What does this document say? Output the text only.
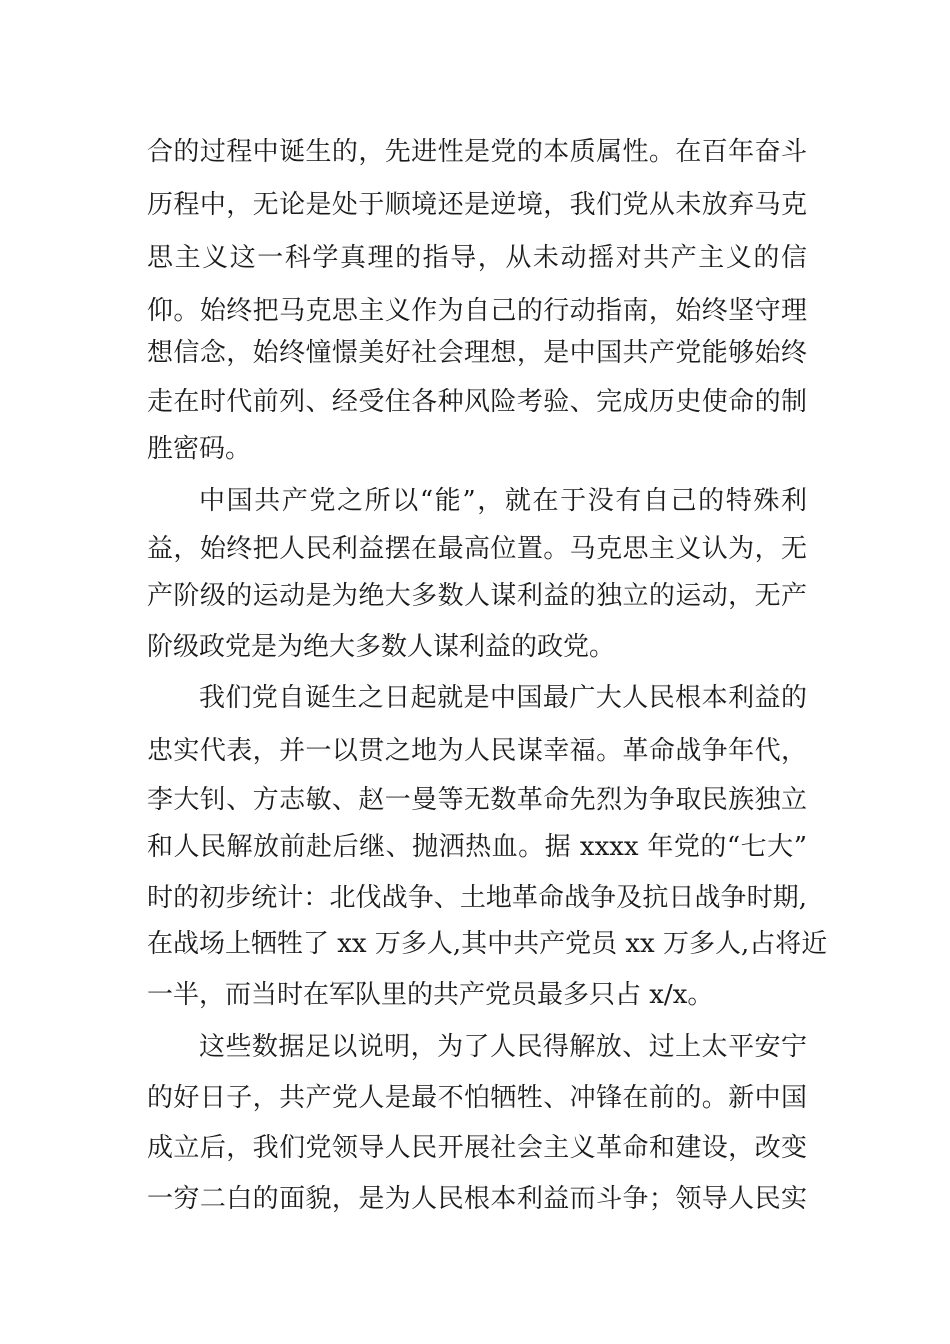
合的过程中诞生的，先进性是党的本质属性。在百年奋斗
历程中，无论是处于顺境还是逆境，我们党从未放弃马克
思主义这一科学真理的指导，从未动摇对共产主义的信
仰。始终把马克思主义作为自己的行动指南，始终坚守理
想信念，始终憧憬美好社会理想，是中国共产党能够始终
走在时代前列、经受住各种风险考验、完成历史使命的制
胜密码。
中国共产党之所以“能”，就在于没有自己的特殊利
益，始终把人民利益摆在最高位置。马克思主义认为，无
产阶级的运动是为绝大多数人谋利益的独立的运动，无产
阶级政党是为绝大多数人谋利益的政党。
我们党自诞生之日起就是中国最广大人民根本利益的
忠实代表，并一以贯之地为人民谋幸福。革命战争年代，
李大钊、方志敏、赵一曼等无数革命先烈为争取民族独立
和人民解放前赴后继、抛洒热血。据 xxxx 年党的“七大”
时的初步统计：北伐战争、土地革命战争及抗日战争时期,
在战场上牺牲了 xx 万多人,其中共产党员 xx 万多人,占将近
一半，而当时在军队里的共产党员最多只占 x/x。
这些数据足以说明，为了人民得解放、过上太平安宁
的好日子，共产党人是最不怕牺牲、冲锋在前的。新中国
成立后，我们党领导人民开展社会主义革命和建设，改变
一穷二白的面貌，是为人民根本利益而斗争；领导人民实
